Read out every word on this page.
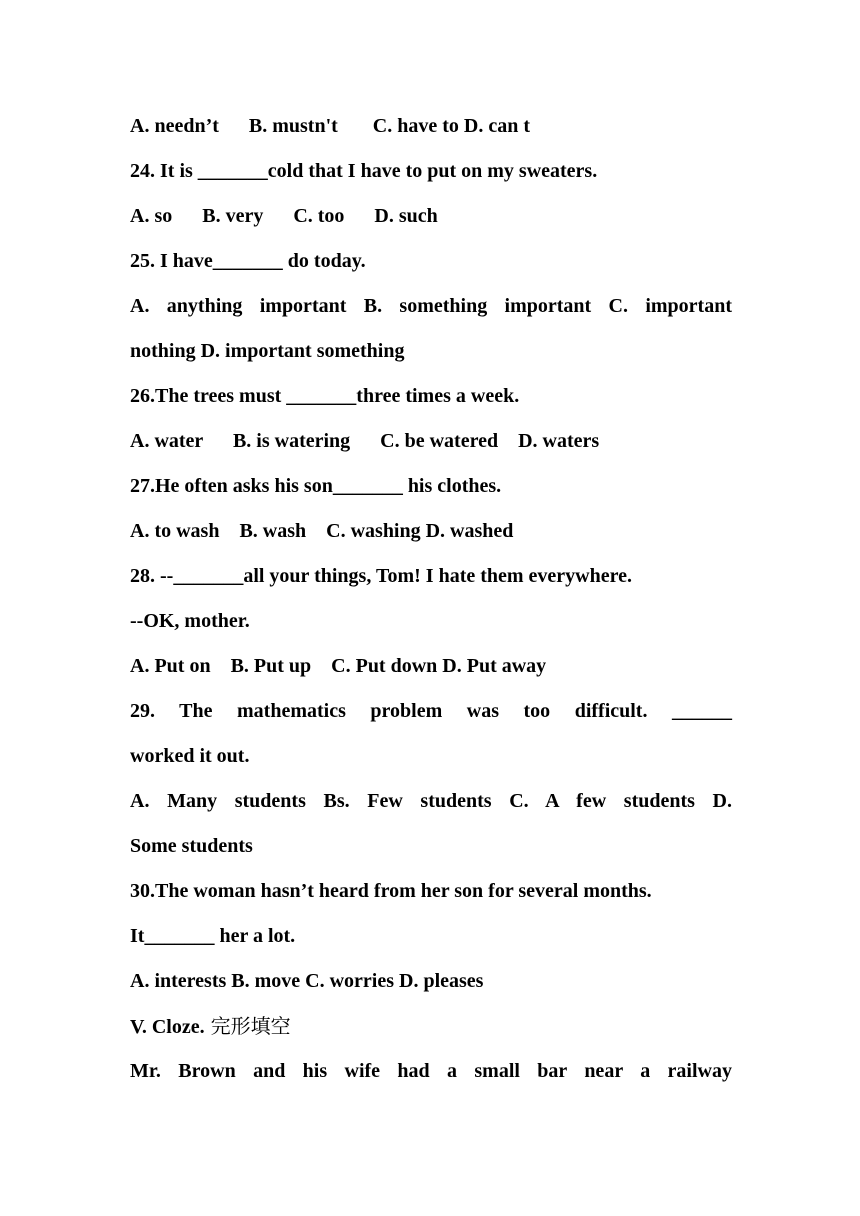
A. needn’t      B. mustn't       C. have to D. can t
24. It is _______cold that I have to put on my sweaters.
A. so      B. very      C. too      D. such
25. I have_______ do today.
A. anything important B. something important C. important
nothing D. important something
26.The trees must _______three times a week.
A. water      B. is watering      C. be watered    D. waters
27.He often asks his son_______ his clothes.
A. to wash    B. wash    C. washing D. washed
28. --_______all your things, Tom! I hate them everywhere.
--OK, mother.
A. Put on    B. Put up    C. Put down D. Put away
29. The mathematics problem was too difficult. ______
worked it out.
A. Many students Bs. Few students C. A few students D.
Some students
30.The woman hasn’t heard from her son for several months.
It_______ her a lot.
A. interests B. move C. worries D. pleases
V. Cloze. 完形填空
Mr. Brown and his wife had a small bar near a railway
